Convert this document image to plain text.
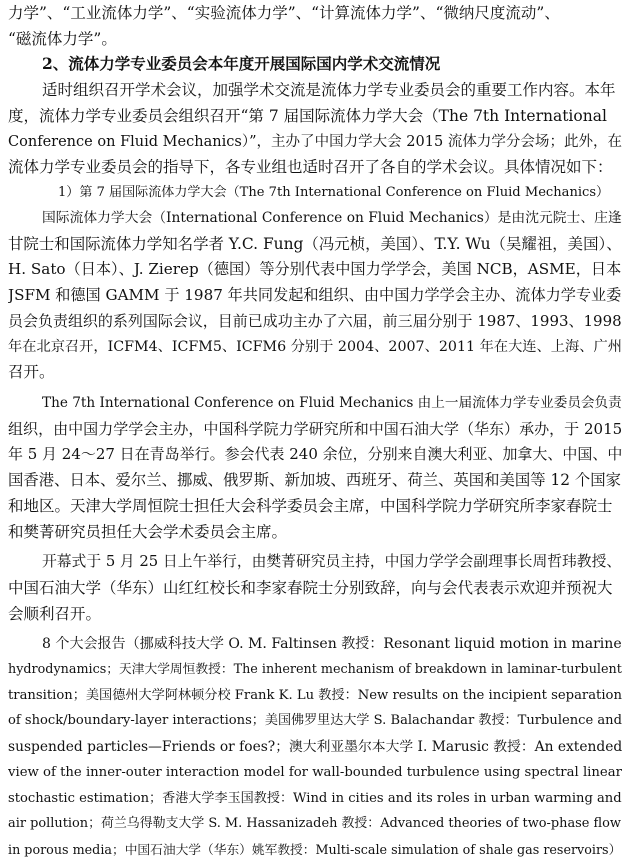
力学”、“工业流体力学”、“实验流体力学”、“计算流体力学”、“微纳尺度流动”、
“磁流体力学”。
2、流体力学专业委员会本年度开展国际国内学术交流情况
适时组织召开学术会议，加强学术交流是流体力学专业委员会的重要工作内容。本年
度，流体力学专业委员会组织召开“第 7 届国际流体力学大会（The 7th International
Conference on Fluid Mechanics）”，主办了中国力学大会 2015 流体力学分会场；此外，在
流体力学专业委员会的指导下，各专业组也适时召开了各自的学术会议。具体情况如下：
1）第 7 届国际流体力学大会（The 7th International Conference on Fluid Mechanics）
国际流体力学大会（International Conference on Fluid Mechanics）是由沈元院士、庄逢
甘院士和国际流体力学知名学者 Y.C. Fung（冯元桢，美国）、T.Y. Wu（吴耀祖，美国）、
H. Sato（日本）、J. Zierep（德国）等分别代表中国力学学会，美国 NCB，ASME，日本
JSFM 和德国 GAMM 于 1987 年共同发起和组织、由中国力学学会主办、流体力学专业委
员会负责组织的系列国际会议，目前已成功主办了六届，前三届分别于 1987、1993、1998
年在北京召开，ICFM4、ICFM5、ICFM6 分别于 2004、2007、2011 年在大连、上海、广州
召开。
The 7th International Conference on Fluid Mechanics 由上一届流体力学专业委员会负责
组织，由中国力学学会主办，中国科学院力学研究所和中国石油大学（华东）承办，于 2015
年 5 月 24～27 日在青岛举行。参会代表 240 余位，分别来自澳大利亚、加拿大、中国、中
国香港、日本、爱尔兰、挪威、俄罗斯、新加坡、西班牙、荷兰、英国和美国等 12 个国家
和地区。天津大学周恒院士担任大会科学委员会主席，中国科学院力学研究所李家春院士
和樊菁研究员担任大会学术委员会主席。
开幕式于 5 月 25 日上午举行，由樊菁研究员主持，中国力学学会副理事长周哲玮教授、
中国石油大学（华东）山红红校长和李家春院士分别致辞，向与会代表表示欢迎并预祝大
会顺利召开。
8 个大会报告（挪威科技大学 O. M. Faltinsen 教授：Resonant liquid motion in marine
hydrodynamics；天津大学周恒教授：The inherent mechanism of breakdown in laminar-turbulent
transition；美国德州大学阿林顿分校 Frank K. Lu 教授：New results on the incipient separation
of shock/boundary-layer interactions；美国佛罗里达大学 S. Balachandar 教授：Turbulence and
suspended particles—Friends or foes?；澳大利亚墨尔本大学 I. Marusic 教授：An extended
view of the inner-outer interaction model for wall-bounded turbulence using spectral linear
stochastic estimation；香港大学李玉国教授：Wind in cities and its roles in urban warming and
air pollution；荷兰乌得勒支大学 S. M. Hassanizadeh 教授：Advanced theories of two-phase flow
in porous media；中国石油大学（华东）姚军教授：Multi-scale simulation of shale gas reservoirs）
